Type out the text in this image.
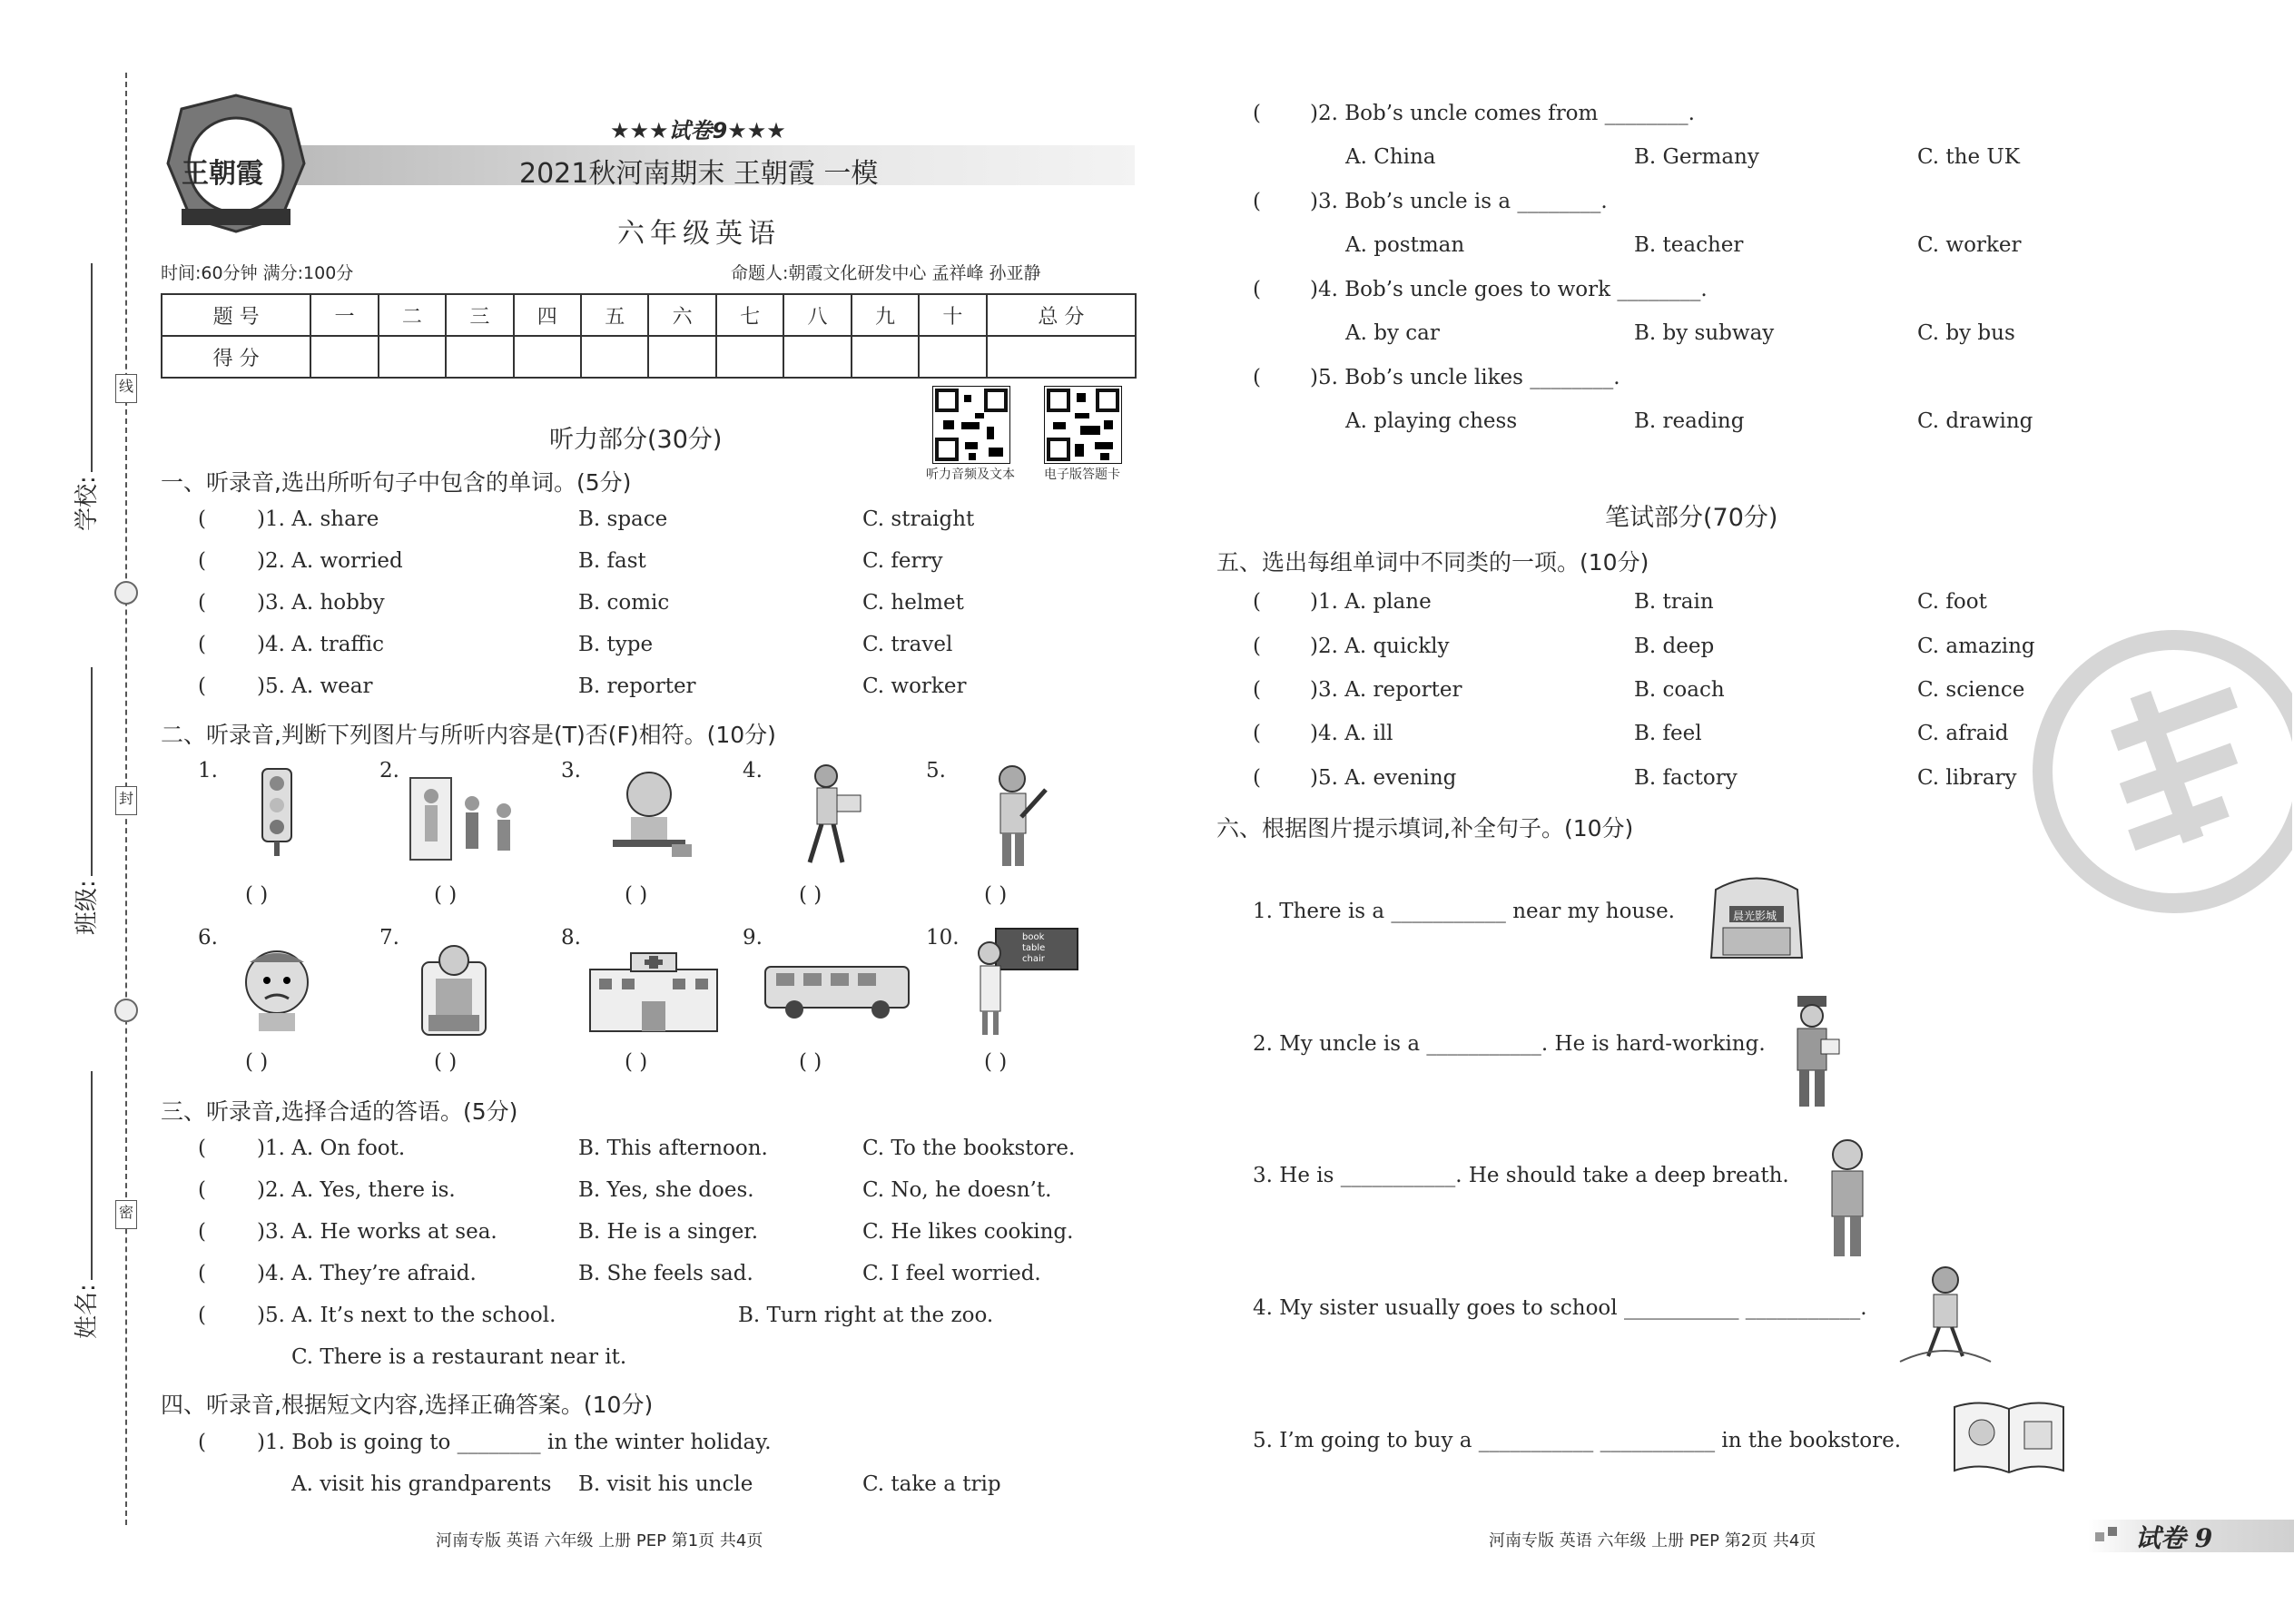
线
封
密
学校:
班级:
姓名:
王朝霞
★★★试卷9★★★
2021秋河南期末 王朝霞 一模
六年级英语
时间:60分钟 满分:100分	命题人:朝霞文化研发中心 孟祥峰 孙亚静
题 号	一	二	三	四	五	六	七	八	九	十	总 分
得 分											
听力音频及文本 电子版答题卡
听力部分(30分)
一、听录音,选出所听句子中包含的单词。(5分)
( )1. A. share	B. space	C. straight
( )2. A. worried	B. fast	C. ferry
( )3. A. hobby	B. comic	C. helmet
( )4. A. traffic	B. type	C. travel
( )5. A. wear	B. reporter	C. worker
二、听录音,判断下列图片与所听内容是(T)否(F)相符。(10分)
1.	2.	3.	4.	5.
( )	( )	( )	( )	( )
6.	7.	8.	9.	10.	book
table
chair
( )	( )	( )	( )	( )
三、听录音,选择合适的答语。(5分)
( )1. A. On foot.	B. This afternoon.	C. To the bookstore.
( )2. A. Yes, there is.	B. Yes, she does.	C. No, he doesn’t.
( )3. A. He works at sea.	B. He is a singer.	C. He likes cooking.
( )4. A. They’re afraid.	B. She feels sad.	C. I feel worried.
( )5. A. It’s next to the school.	B. Turn right at the zoo.
C. There is a restaurant near it.
四、听录音,根据短文内容,选择正确答案。(10分)
( )1. Bob is going to ________ in the winter holiday.
A. visit his grandparents B. visit his uncle	C. take a trip
河南专版 英语 六年级 上册 PEP 第1页 共4页
( )2. Bob’s uncle comes from ________.
A. China	B. Germany	C. the UK
( )3. Bob’s uncle is a ________.
A. postman	B. teacher	C. worker
( )4. Bob’s uncle goes to work ________.
A. by car	B. by subway	C. by bus
( )5. Bob’s uncle likes ________.
A. playing chess	B. reading	C. drawing
笔试部分(70分)
五、选出每组单词中不同类的一项。(10分)
( )1. A. plane	B. train	C. foot
( )2. A. quickly	B. deep	C. amazing
( )3. A. reporter	B. coach	C. science
( )4. A. ill	B. feel	C. afraid
( )5. A. evening	B. factory	C. library
六、根据图片提示填词,补全句子。(10分)
1. There is a ___________ near my house.	晨光影城
2. My uncle is a ___________. He is hard-working.
3. He is ___________. He should take a deep breath.
4. My sister usually goes to school ___________ ___________.
5. I’m going to buy a ___________ ___________ in the bookstore.
河南专版 英语 六年级 上册 PEP 第2页 共4页	试卷 9
